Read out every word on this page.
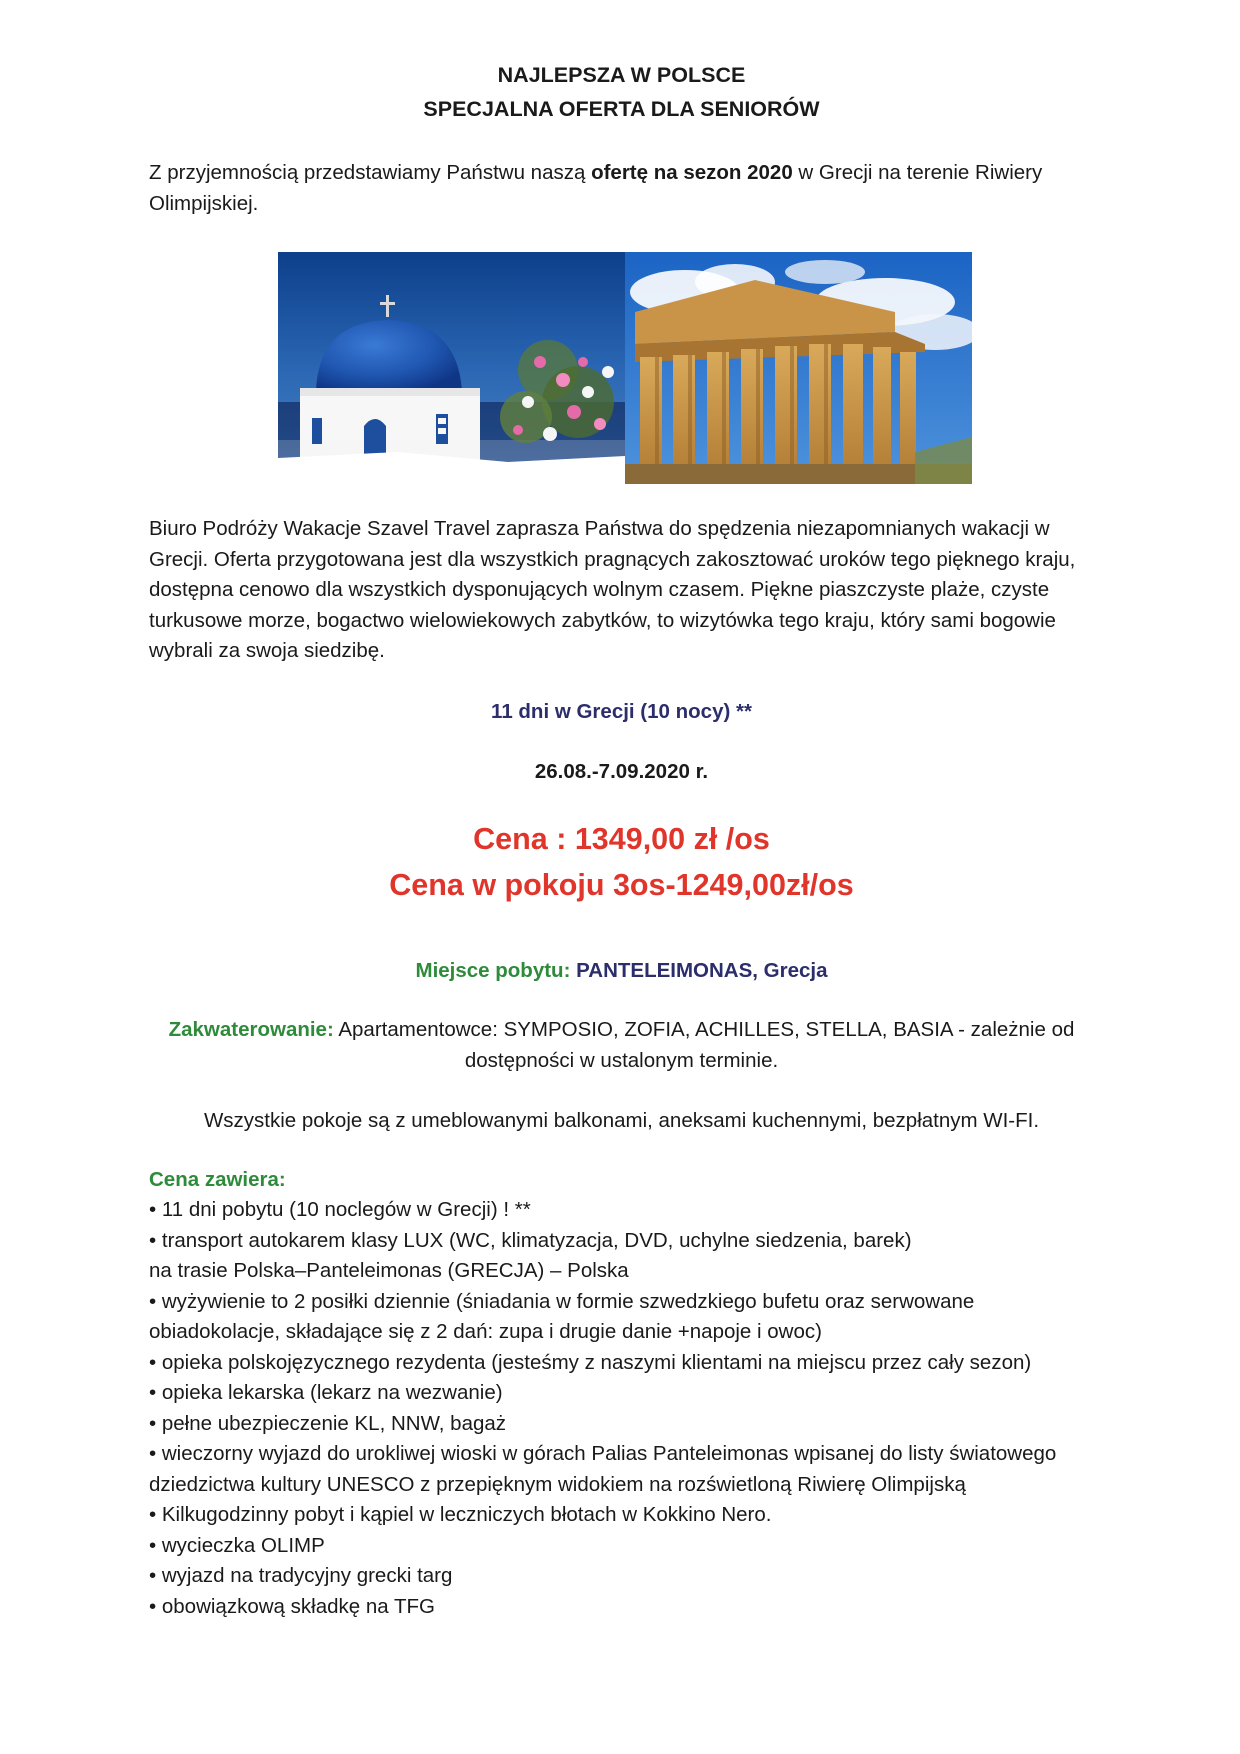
NAJLEPSZA W POLSCE
SPECJALNA OFERTA DLA SENIORÓW
Z przyjemnością przedstawiamy Państwu naszą ofertę na sezon 2020 w Grecji na terenie Riwiery Olimpijskiej.
Biuro Podróży Wakacje Szavel Travel zaprasza Państwa do spędzenia niezapomnianych wakacji w Grecji. Oferta przygotowana jest dla wszystkich pragnących zakosztować uroków tego pięknego kraju, dostępna cenowo dla wszystkich dysponujących wolnym czasem. Piękne piaszczyste plaże, czyste turkusowe morze, bogactwo wielowiekowych zabytków, to wizytówka tego kraju, który sami bogowie wybrali za swoja siedzibę.
11 dni w Grecji (10 nocy) **
26.08.-7.09.2020 r.
Cena : 1349,00 zł /os
Cena w pokoju 3os-1249,00zł/os
Miejsce pobytu: PANTELEIMONAS, Grecja
Zakwaterowanie: Apartamentowce: SYMPOSIO, ZOFIA, ACHILLES, STELLA, BASIA - zależnie od dostępności w ustalonym terminie.
Wszystkie pokoje są z umeblowanymi balkonami, aneksami kuchennymi, bezpłatnym WI-FI.
Cena zawiera:
• 11 dni pobytu (10 noclegów w Grecji) ! **
• transport autokarem klasy LUX (WC, klimatyzacja, DVD, uchylne siedzenia, barek)
na trasie Polska–Panteleimonas (GRECJA) – Polska
• wyżywienie to 2 posiłki dziennie (śniadania w formie szwedzkiego bufetu oraz serwowane obiadokolacje, składające się z 2 dań: zupa i drugie danie +napoje i owoc)
• opieka polskojęzycznego rezydenta (jesteśmy z naszymi klientami na miejscu przez cały sezon)
• opieka lekarska (lekarz na wezwanie)
• pełne ubezpieczenie KL, NNW, bagaż
• wieczorny wyjazd do urokliwej wioski w górach Palias Panteleimonas wpisanej do listy światowego dziedzictwa kultury UNESCO z przepięknym widokiem na rozświetloną Riwierę Olimpijską
• Kilkugodzinny pobyt i kąpiel w leczniczych błotach w Kokkino Nero.
• wycieczka OLIMP
• wyjazd na tradycyjny grecki targ
• obowiązkową składkę na TFG
